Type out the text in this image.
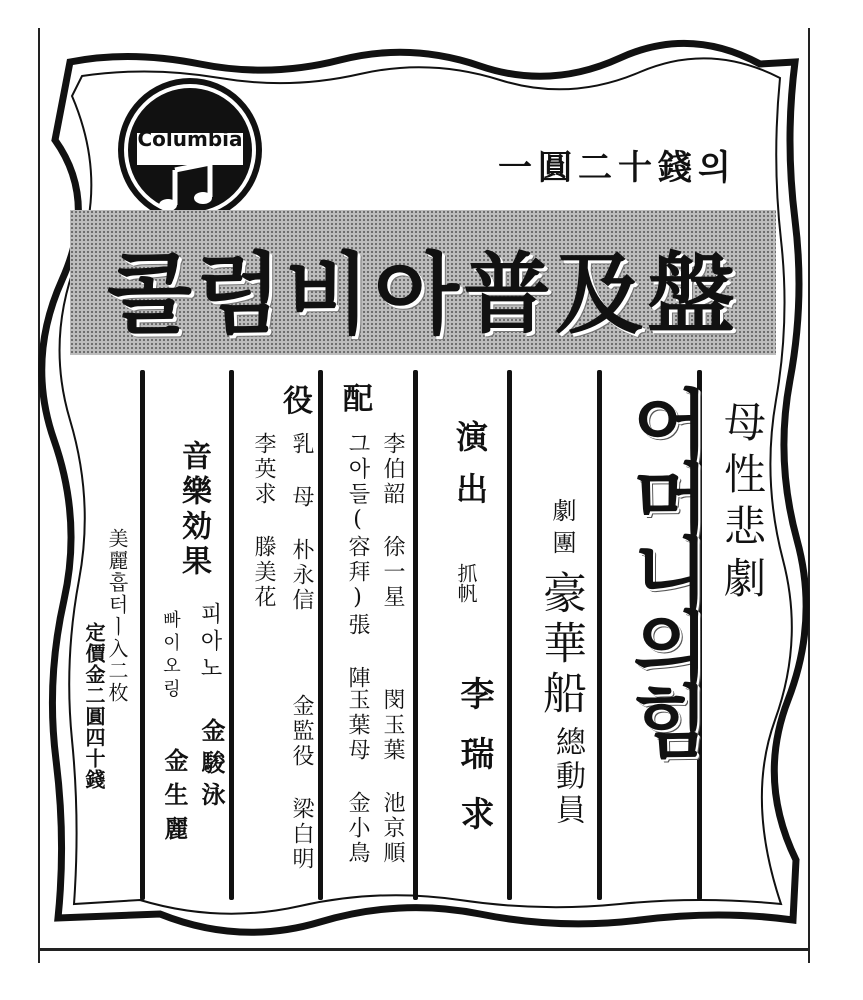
Columbia
一圓二十錢의
콜럼비아普及盤
母性悲劇
어머니의힘
劇團
豪華船
總動員
演出
抓帆
李瑞求
配
役
李伯韶 徐一星
그아들(容拜)張 陣
乳 母 朴永信
李英求 滕美花
閔玉葉 池京順
玉葉母 金小鳥
金監役 梁白明
音樂効果
피아노
金駿泳
빠이오링
金生麗
美麗흡터ㅣ入二枚
定價金二圓四十錢
